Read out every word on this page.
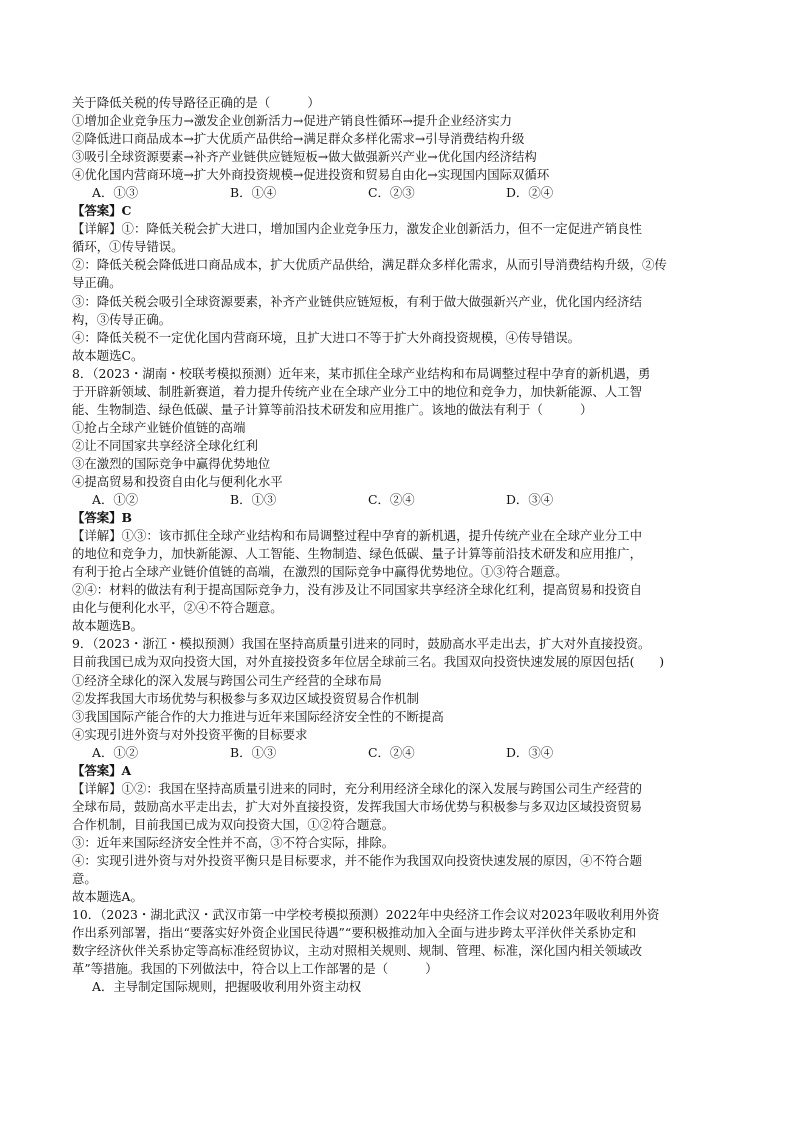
关于降低关税的传导路径正确的是（　　　）
①增加企业竞争压力→激发企业创新活力→促进产销良性循环→提升企业经济实力
②降低进口商品成本→扩大优质产品供给→满足群众多样化需求→引导消费结构升级
③吸引全球资源要素→补齐产业链供应链短板→做大做强新兴产业→优化国内经济结构
④优化国内营商环境→扩大外商投资规模→促进投资和贸易自由化→实现国内国际双循环
A．①③	B．①④	C．②③	D．②④
【答案】C
【详解】①：降低关税会扩大进口，增加国内企业竞争压力，激发企业创新活力，但不一定促进产销良性
循环，①传导错误。
②：降低关税会降低进口商品成本，扩大优质产品供给，满足群众多样化需求，从而引导消费结构升级，②传
导正确。
③：降低关税会吸引全球资源要素，补齐产业链供应链短板，有利于做大做强新兴产业，优化国内经济结
构，③传导正确。
④：降低关税不一定优化国内营商环境，且扩大进口不等于扩大外商投资规模，④传导错误。
故本题选C。
8．（2023・湖南・校联考模拟预测）近年来，某市抓住全球产业结构和布局调整过程中孕育的新机遇，勇
于开辟新领域、制胜新赛道，着力提升传统产业在全球产业分工中的地位和竞争力，加快新能源、人工智
能、生物制造、绿色低碳、量子计算等前沿技术研发和应用推广。该地的做法有利于（　　　）
①抢占全球产业链价值链的高端
②让不同国家共享经济全球化红利
③在激烈的国际竞争中赢得优势地位
④提高贸易和投资自由化与便利化水平
A．①②	B．①③	C．②④	D．③④
【答案】B
【详解】①③：该市抓住全球产业结构和布局调整过程中孕育的新机遇，提升传统产业在全球产业分工中
的地位和竞争力，加快新能源、人工智能、生物制造、绿色低碳、量子计算等前沿技术研发和应用推广，
有利于抢占全球产业链价值链的高端，在激烈的国际竞争中赢得优势地位。①③符合题意。
②④：材料的做法有利于提高国际竞争力，没有涉及让不同国家共享经济全球化红利，提高贸易和投资自
由化与便利化水平，②④不符合题意。
故本题选B。
9．（2023・浙江・模拟预测）我国在坚持高质量引进来的同时，鼓励高水平走出去，扩大对外直接投资。
目前我国已成为双向投资大国，对外直接投资多年位居全球前三名。我国双向投资快速发展的原因包括(　　)
①经济全球化的深入发展与跨国公司生产经营的全球布局
②发挥我国大市场优势与积极参与多双边区域投资贸易合作机制
③我国国际产能合作的大力推进与近年来国际经济安全性的不断提高
④实现引进外资与对外投资平衡的目标要求
A．①②	B．①③	C．②④	D．③④
【答案】A
【详解】①②：我国在坚持高质量引进来的同时，充分利用经济全球化的深入发展与跨国公司生产经营的
全球布局，鼓励高水平走出去，扩大对外直接投资，发挥我国大市场优势与积极参与多双边区域投资贸易
合作机制，目前我国已成为双向投资大国，①②符合题意。
③：近年来国际经济安全性并不高，③不符合实际，排除。
④：实现引进外资与对外投资平衡只是目标要求，并不能作为我国双向投资快速发展的原因，④不符合题
意。
故本题选A。
10．（2023・湖北武汉・武汉市第一中学校考模拟预测）2022年中央经济工作会议对2023年吸收利用外资
作出系列部署，指出“要落实好外资企业国民待遇”“要积极推动加入全面与进步跨太平洋伙伴关系协定和
数字经济伙伴关系协定等高标准经贸协议，主动对照相关规则、规制、管理、标准，深化国内相关领域改
革”等措施。我国的下列做法中，符合以上工作部署的是（　　　）
A．主导制定国际规则，把握吸收利用外资主动权
